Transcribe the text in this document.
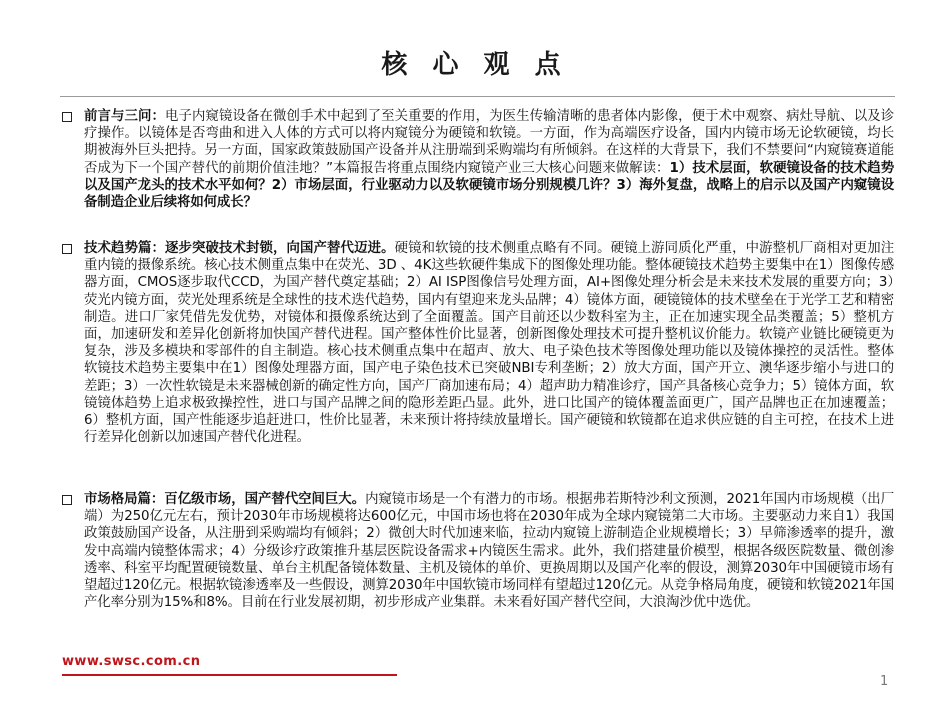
核 心 观 点
前言与三问：电子内窥镜设备在微创手术中起到了至关重要的作用，为医生传输清晰的患者体内影像，便于术中观察、病灶导航、以及诊疗操作。以镜体是否弯曲和进入人体的方式可以将内窥镜分为硬镜和软镜。一方面，作为高端医疗设备，国内内镜市场无论软硬镜，均长期被海外巨头把持。另一方面，国家政策鼓励国产设备并从注册端到采购端均有所倾斜。在这样的大背景下，我们不禁要问“内窥镜赛道能否成为下一个国产替代的前期价值洼地？”本篇报告将重点围绕内窥镜产业三大核心问题来做解读：1）技术层面，软硬镜设备的技术趋势以及国产龙头的技术水平如何？2）市场层面，行业驱动力以及软硬镜市场分别规模几许？3）海外复盘，战略上的启示以及国产内窥镜设备制造企业后续将如何成长？
技术趋势篇：逐步突破技术封锁，向国产替代迈进。硬镜和软镜的技术侧重点略有不同。硬镜上游同质化严重，中游整机厂商相对更加注重内镜的摄像系统。核心技术侧重点集中在荧光、3D 、4K这些软硬件集成下的图像处理功能。整体硬镜技术趋势主要集中在1）图像传感器方面，CMOS逐步取代CCD，为国产替代奠定基础；2）AI ISP图像信号处理方面，AI+图像处理分析会是未来技术发展的重要方向；3）荧光内镜方面，荧光处理系统是全球性的技术迭代趋势，国内有望迎来龙头品牌；4）镜体方面，硬镜镜体的技术壁垒在于光学工艺和精密制造。进口厂家凭借先发优势，对镜体和摄像系统达到了全面覆盖。国产目前还以少数科室为主，正在加速实现全品类覆盖；5）整机方面，加速研发和差异化创新将加快国产替代进程。国产整体性价比显著，创新图像处理技术可提升整机议价能力。软镜产业链比硬镜更为复杂，涉及多模块和零部件的自主制造。核心技术侧重点集中在超声、放大、电子染色技术等图像处理功能以及镜体操控的灵活性。整体软镜技术趋势主要集中在1）图像处理器方面，国产电子染色技术已突破NBI专利垄断；2）放大方面，国产开立、澳华逐步缩小与进口的差距；3）一次性软镜是未来器械创新的确定性方向，国产厂商加速布局；4）超声助力精准诊疗，国产具备核心竞争力；5）镜体方面，软镜镜体趋势上追求极致操控性，进口与国产品牌之间的隐形差距凸显。此外，进口比国产的镜体覆盖面更广，国产品牌也正在加速覆盖；6）整机方面，国产性能逐步追赶进口，性价比显著，未来预计将持续放量增长。国产硬镜和软镜都在追求供应链的自主可控，在技术上进行差异化创新以加速国产替代化进程。
市场格局篇：百亿级市场，国产替代空间巨大。内窥镜市场是一个有潜力的市场。根据弗若斯特沙利文预测，2021年国内市场规模（出厂端）为250亿元左右，预计2030年市场规模将达600亿元，中国市场也将在2030年成为全球内窥镜第二大市场。主要驱动力来自1）我国政策鼓励国产设备，从注册到采购端均有倾斜；2）微创大时代加速来临，拉动内窥镜上游制造企业规模增长；3）早筛渗透率的提升，激发中高端内镜整体需求；4）分级诊疗政策推升基层医院设备需求+内镜医生需求。此外，我们搭建量价模型，根据各级医院数量、微创渗透率、科室平均配置硬镜数量、单台主机配备镜体数量、主机及镜体的单价、更换周期以及国产化率的假设，测算2030年中国硬镜市场有望超过120亿元。根据软镜渗透率及一些假设，测算2030年中国软镜市场同样有望超过120亿元。从竞争格局角度，硬镜和软镜2021年国产化率分别为15%和8%。目前在行业发展初期，初步形成产业集群。未来看好国产替代空间，大浪淘沙优中选优。
www.swsc.com.cn
1
